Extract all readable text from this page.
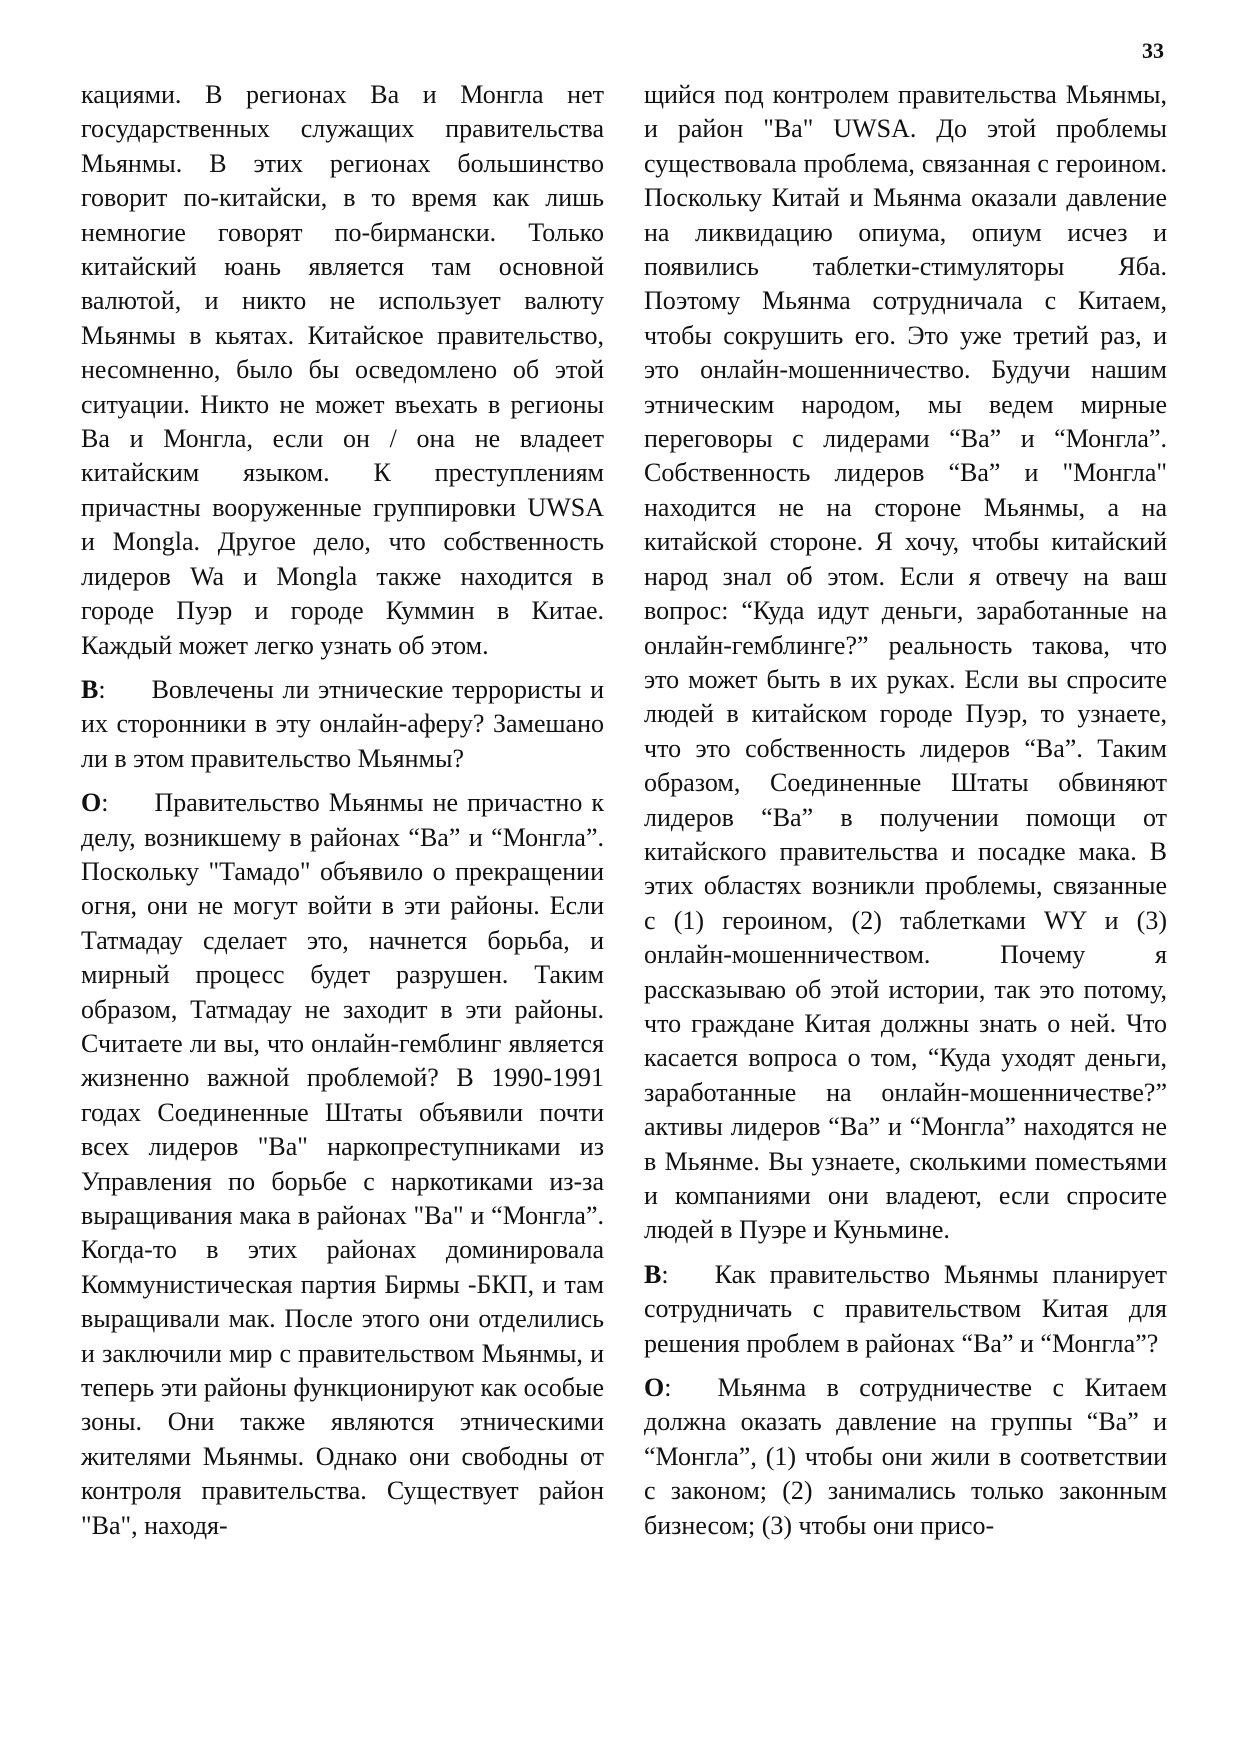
33

кациями. В регионах Ва и Монгла нет государственных служащих правительства Мьянмы. В этих регионах большинство говорит по-китайски, в то время как лишь немногие говорят по-бирмански. Только китайский юань является там основной валютой, и никто не использует валюту Мьянмы в кьятах. Китайское правительство, несомненно, было бы осведомлено об этой ситуации. Никто не может въехать в регионы Ва и Монгла, если он / она не владеет китайским языком. К преступлениям причастны вооруженные группировки UWSA и Mongla. Другое дело, что собственность лидеров Wa и Mongla также находится в городе Пуэр и городе Куммин в Китае. Каждый может легко узнать об этом.

В: Вовлечены ли этнические террористы и их сторонники в эту онлайн-аферу? Замешано ли в этом правительство Мьянмы?

О: Правительство Мьянмы не причастно к делу, возникшему в районах “Ва” и “Монгла”. Поскольку "Тамадо" объявило о прекращении огня, они не могут войти в эти районы. Если Татмадау сделает это, начнется борьба, и мирный процесс будет разрушен. Таким образом, Татмадау не заходит в эти районы. Считаете ли вы, что онлайн-гемблинг является жизненно важной проблемой? В 1990-1991 годах Соединенные Штаты объявили почти всех лидеров "Ва" наркопреступниками из Управления по борьбе с наркотиками из-за выращивания мака в районах "Ва" и “Монгла”. Когда-то в этих районах доминировала Коммунистическая партия Бирмы -БКП, и там выращивали мак. После этого они отделились и заключили мир с правительством Мьянмы, и теперь эти районы функционируют как особые зоны. Они также являются этническими жителями Мьянмы. Однако они свободны от контроля правительства. Существует район "Ва", находя-

щийся под контролем правительства Мьянмы, и район "Ва" UWSA. До этой проблемы существовала проблема, связанная с героином. Поскольку Китай и Мьянма оказали давление на ликвидацию опиума, опиум исчез и появились таблетки-стимуляторы Яба. Поэтому Мьянма сотрудничала с Китаем, чтобы сокрушить его. Это уже третий раз, и это онлайн-мошенничество. Будучи нашим этническим народом, мы ведем мирные переговоры с лидерами “Ва” и “Монгла”. Собственность лидеров “Ва” и "Монгла" находится не на стороне Мьянмы, а на китайской стороне. Я хочу, чтобы китайский народ знал об этом. Если я отвечу на ваш вопрос: “Куда идут деньги, заработанные на онлайн-гемблинге?” реальность такова, что это может быть в их руках. Если вы спросите людей в китайском городе Пуэр, то узнаете, что это собственность лидеров “Ва”. Таким образом, Соединенные Штаты обвиняют лидеров “Ва” в получении помощи от китайского правительства и посадке мака. В этих областях возникли проблемы, связанные с (1) героином, (2) таблетками WY и (3) онлайн-мошенничеством. Почему я рассказываю об этой истории, так это потому, что граждане Китая должны знать о ней. Что касается вопроса о том, “Куда уходят деньги, заработанные на онлайн-мошенничестве?” активы лидеров “Ва” и “Монгла” находятся не в Мьянме. Вы узнаете, сколькими поместьями и компаниями они владеют, если спросите людей в Пуэре и Куньмине.

В: Как правительство Мьянмы планирует сотрудничать с правительством Китая для решения проблем в районах “Ва” и “Монгла”?

О: Мьянма в сотрудничестве с Китаем должна оказать давление на группы “Ва” и “Монгла”, (1) чтобы они жили в соответствии с законом; (2) занимались только законным бизнесом; (3) чтобы они присо-
